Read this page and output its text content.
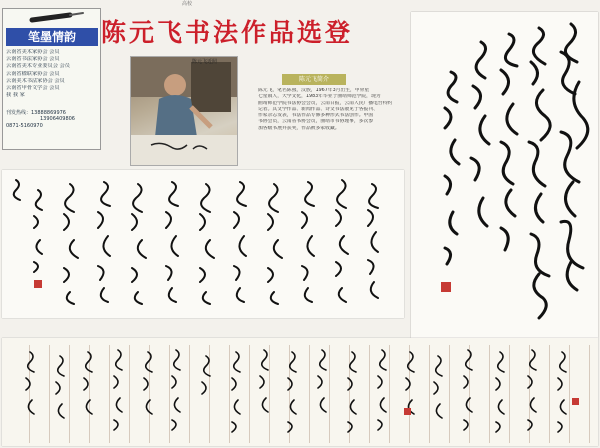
高校
陈元飞书法作品选登
笔墨情韵
云南省美术家协会 会员
云南省书法家协会 会员
云南省美术专业委员会 会员
云南省楹联家协会 会员
云南美术书法家协会 会员
云南省甲骨文学会 会员
我 我 家
刊发热线：13888869976
13906409806
0871-5160970
陈元飞近照
陈元飞简介
陈元飞，笔名陈燕，汉族，1967年3月出生，甲骨星
七星镇人，大学文化，1983年毕业于曲靖师范学院，现为
曲靖师范学院书法协会会员，云南日报，云南人民广播电台特约
记者。其文学作品、新闻作品、诗文书法散见于各报刊、
作家杂志发表，书法作品专修多种形式书法创作。中国
书协会员，云南省书协会员，曲靖市书协理事，多次参
加各级书展并获奖，作品被多家收藏。
